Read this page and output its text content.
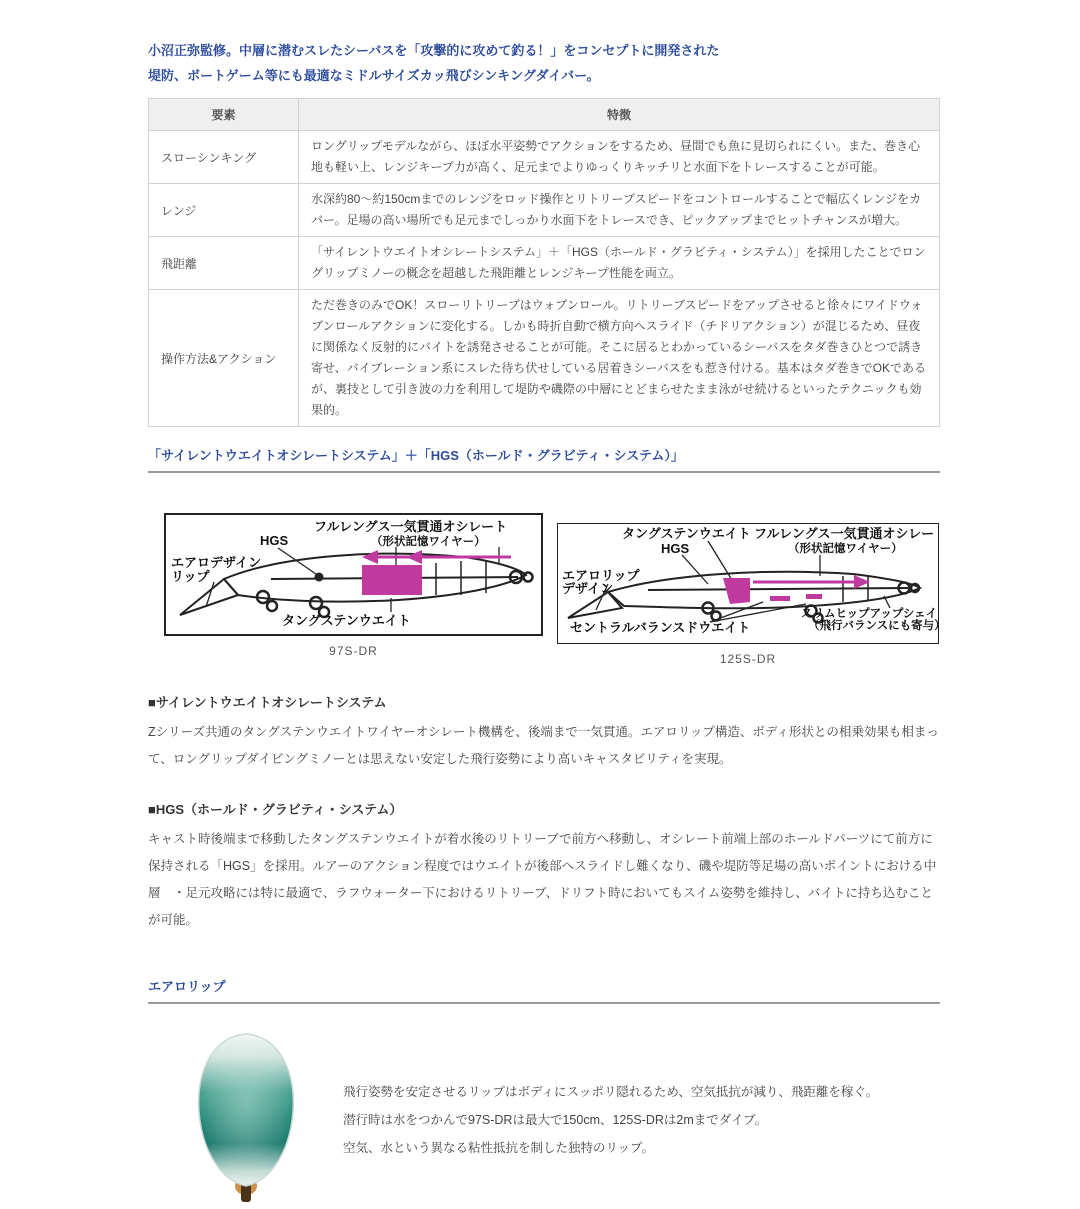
小沼正弥監修。中層に潜むスレたシーバスを「攻撃的に攻めて釣る！」をコンセプトに開発された
堤防、ボートゲーム等にも最適なミドルサイズカッ飛びシンキングダイバー。
要素	特徴
スローシンキング	ロングリップモデルながら、ほぼ水平姿勢でアクションをするため、昼間でも魚に見切られにくい。また、巻き心地も軽い上、レンジキープ力が高く、足元までよりゆっくりキッチリと水面下をトレースすることが可能。
レンジ	水深約80～約150cmまでのレンジをロッド操作とリトリーブスピードをコントロールすることで幅広くレンジをカバー。足場の高い場所でも足元までしっかり水面下をトレースでき、ピックアップまでヒットチャンスが増大。
飛距離	「サイレントウエイトオシレートシステム」＋「HGS（ホールド・グラビティ・システム）」を採用したことでロングリップミノーの概念を超越した飛距離とレンジキープ性能を両立。
操作方法&アクション	ただ巻きのみでOK！スローリトリーブはウォブンロール。リトリーブスピードをアップさせると徐々にワイドウォブンロールアクションに変化する。しかも時折自動で横方向へスライド（チドリアクション）が混じるため、昼夜に関係なく反射的にバイトを誘発させることが可能。そこに居るとわかっているシーバスをタダ巻きひとつで誘き寄せ、バイブレーション系にスレた待ち伏せしている居着きシーバスをも惹き付ける。基本はタダ巻きでOKであるが、裏技として引き波の力を利用して堤防や磯際の中層にとどまらせたまま泳がせ続けるといったテクニックも効果的。
「サイレントウエイトオシレートシステム」＋「HGS（ホールド・グラビティ・システム）」
フルレングス一気貫通オシレート
（形状記憶ワイヤー）
HGS
エアロデザイン
リップ
タングステンウエイト
97S-DR
タングステンウエイト
HGS
フルレングス一気貫通オシレート
（形状記憶ワイヤー）
エアロリップ
デザイン
セントラルバランスドウエイト
スリムヒップアップシェイプ
（飛行バランスにも寄与）
125S-DR
■サイレントウエイトオシレートシステム
Zシリーズ共通のタングステンウエイトワイヤーオシレート機構を、後端まで一気貫通。エアロリップ構造、ボディ形状との相乗効果も相まって、ロングリップダイビングミノーとは思えない安定した飛行姿勢により高いキャスタビリティを実現。
■HGS（ホールド・グラビティ・システム）
キャスト時後端まで移動したタングステンウエイトが着水後のリトリーブで前方へ移動し、オシレート前端上部のホールドパーツにて前方に　保持される「HGS」を採用。ルアーのアクション程度ではウエイトが後部へスライドし難くなり、磯や堤防等足場の高いポイントにおける中層　・足元攻略には特に最適で、ラフウォーター下におけるリトリーブ、ドリフト時においてもスイム姿勢を維持し、バイトに持ち込むことが可能。
エアロリップ
飛行姿勢を安定させるリップはボディにスッポリ隠れるため、空気抵抗が減り、飛距離を稼ぐ。
潜行時は水をつかんで97S-DRは最大で150cm、125S-DRは2mまでダイブ。
空気、水という異なる粘性抵抗を制した独特のリップ。
